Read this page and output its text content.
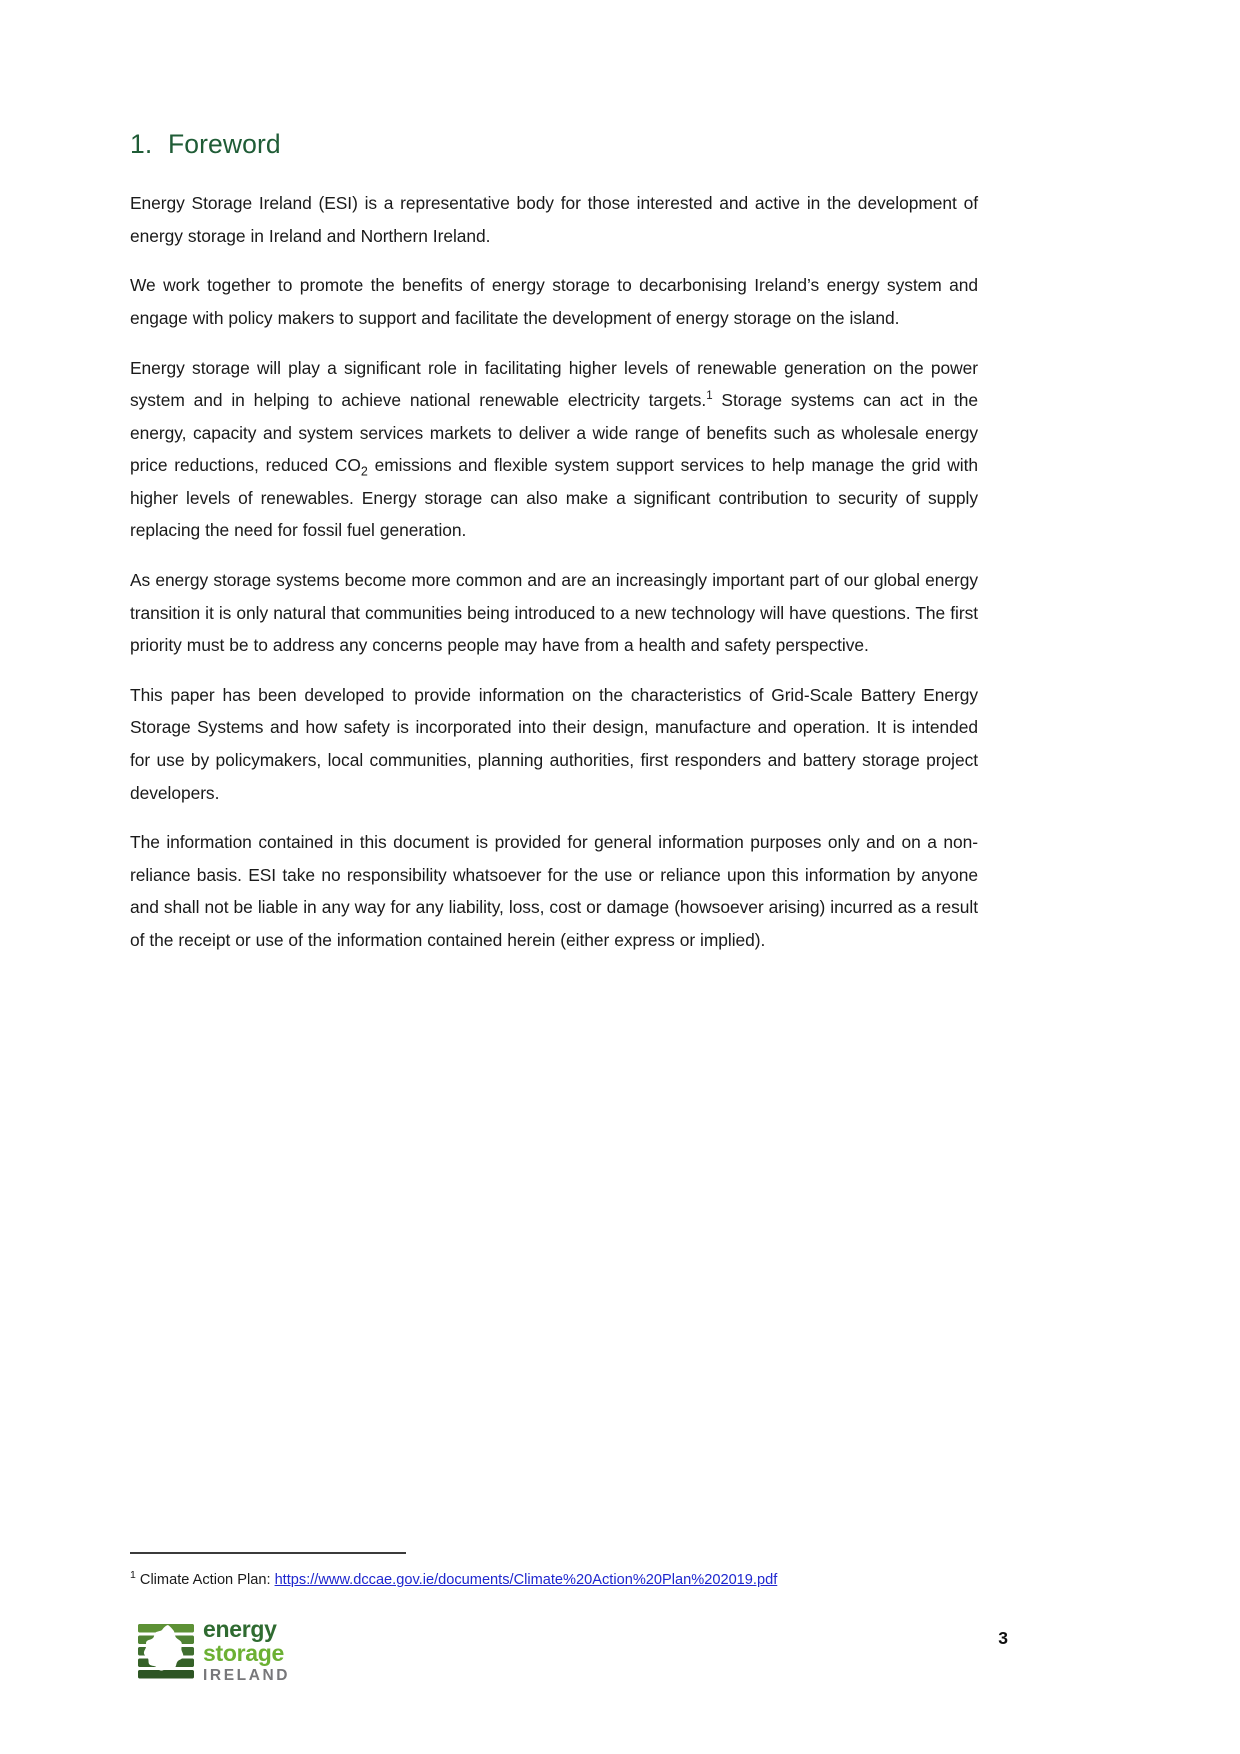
1. Foreword

Energy Storage Ireland (ESI) is a representative body for those interested and active in the development of energy storage in Ireland and Northern Ireland.

We work together to promote the benefits of energy storage to decarbonising Ireland’s energy system and engage with policy makers to support and facilitate the development of energy storage on the island.

Energy storage will play a significant role in facilitating higher levels of renewable generation on the power system and in helping to achieve national renewable electricity targets.$^1$ Storage systems can act in the energy, capacity and system services markets to deliver a wide range of benefits such as wholesale energy price reductions, reduced $CO_2$ emissions and flexible system support services to help manage the grid with higher levels of renewables. Energy storage can also make a significant contribution to security of supply replacing the need for fossil fuel generation.

As energy storage systems become more common and are an increasingly important part of our global energy transition it is only natural that communities being introduced to a new technology will have questions. The first priority must be to address any concerns people may have from a health and safety perspective.

This paper has been developed to provide information on the characteristics of Grid-Scale Battery Energy Storage Systems and how safety is incorporated into their design, manufacture and operation. It is intended for use by policymakers, local communities, planning authorities, first responders and battery storage project developers.

The information contained in this document is provided for general information purposes only and on a non-reliance basis. ESI take no responsibility whatsoever for the use or reliance upon this information by anyone and shall not be liable in any way for any liability, loss, cost or damage (howsoever arising) incurred as a result of the receipt or use of the information contained herein (either express or implied).

$^1$ Climate Action Plan: https://www.dccae.gov.ie/documents/Climate%20Action%20Plan%202019.pdf
energy
storage
IRELAND
3
